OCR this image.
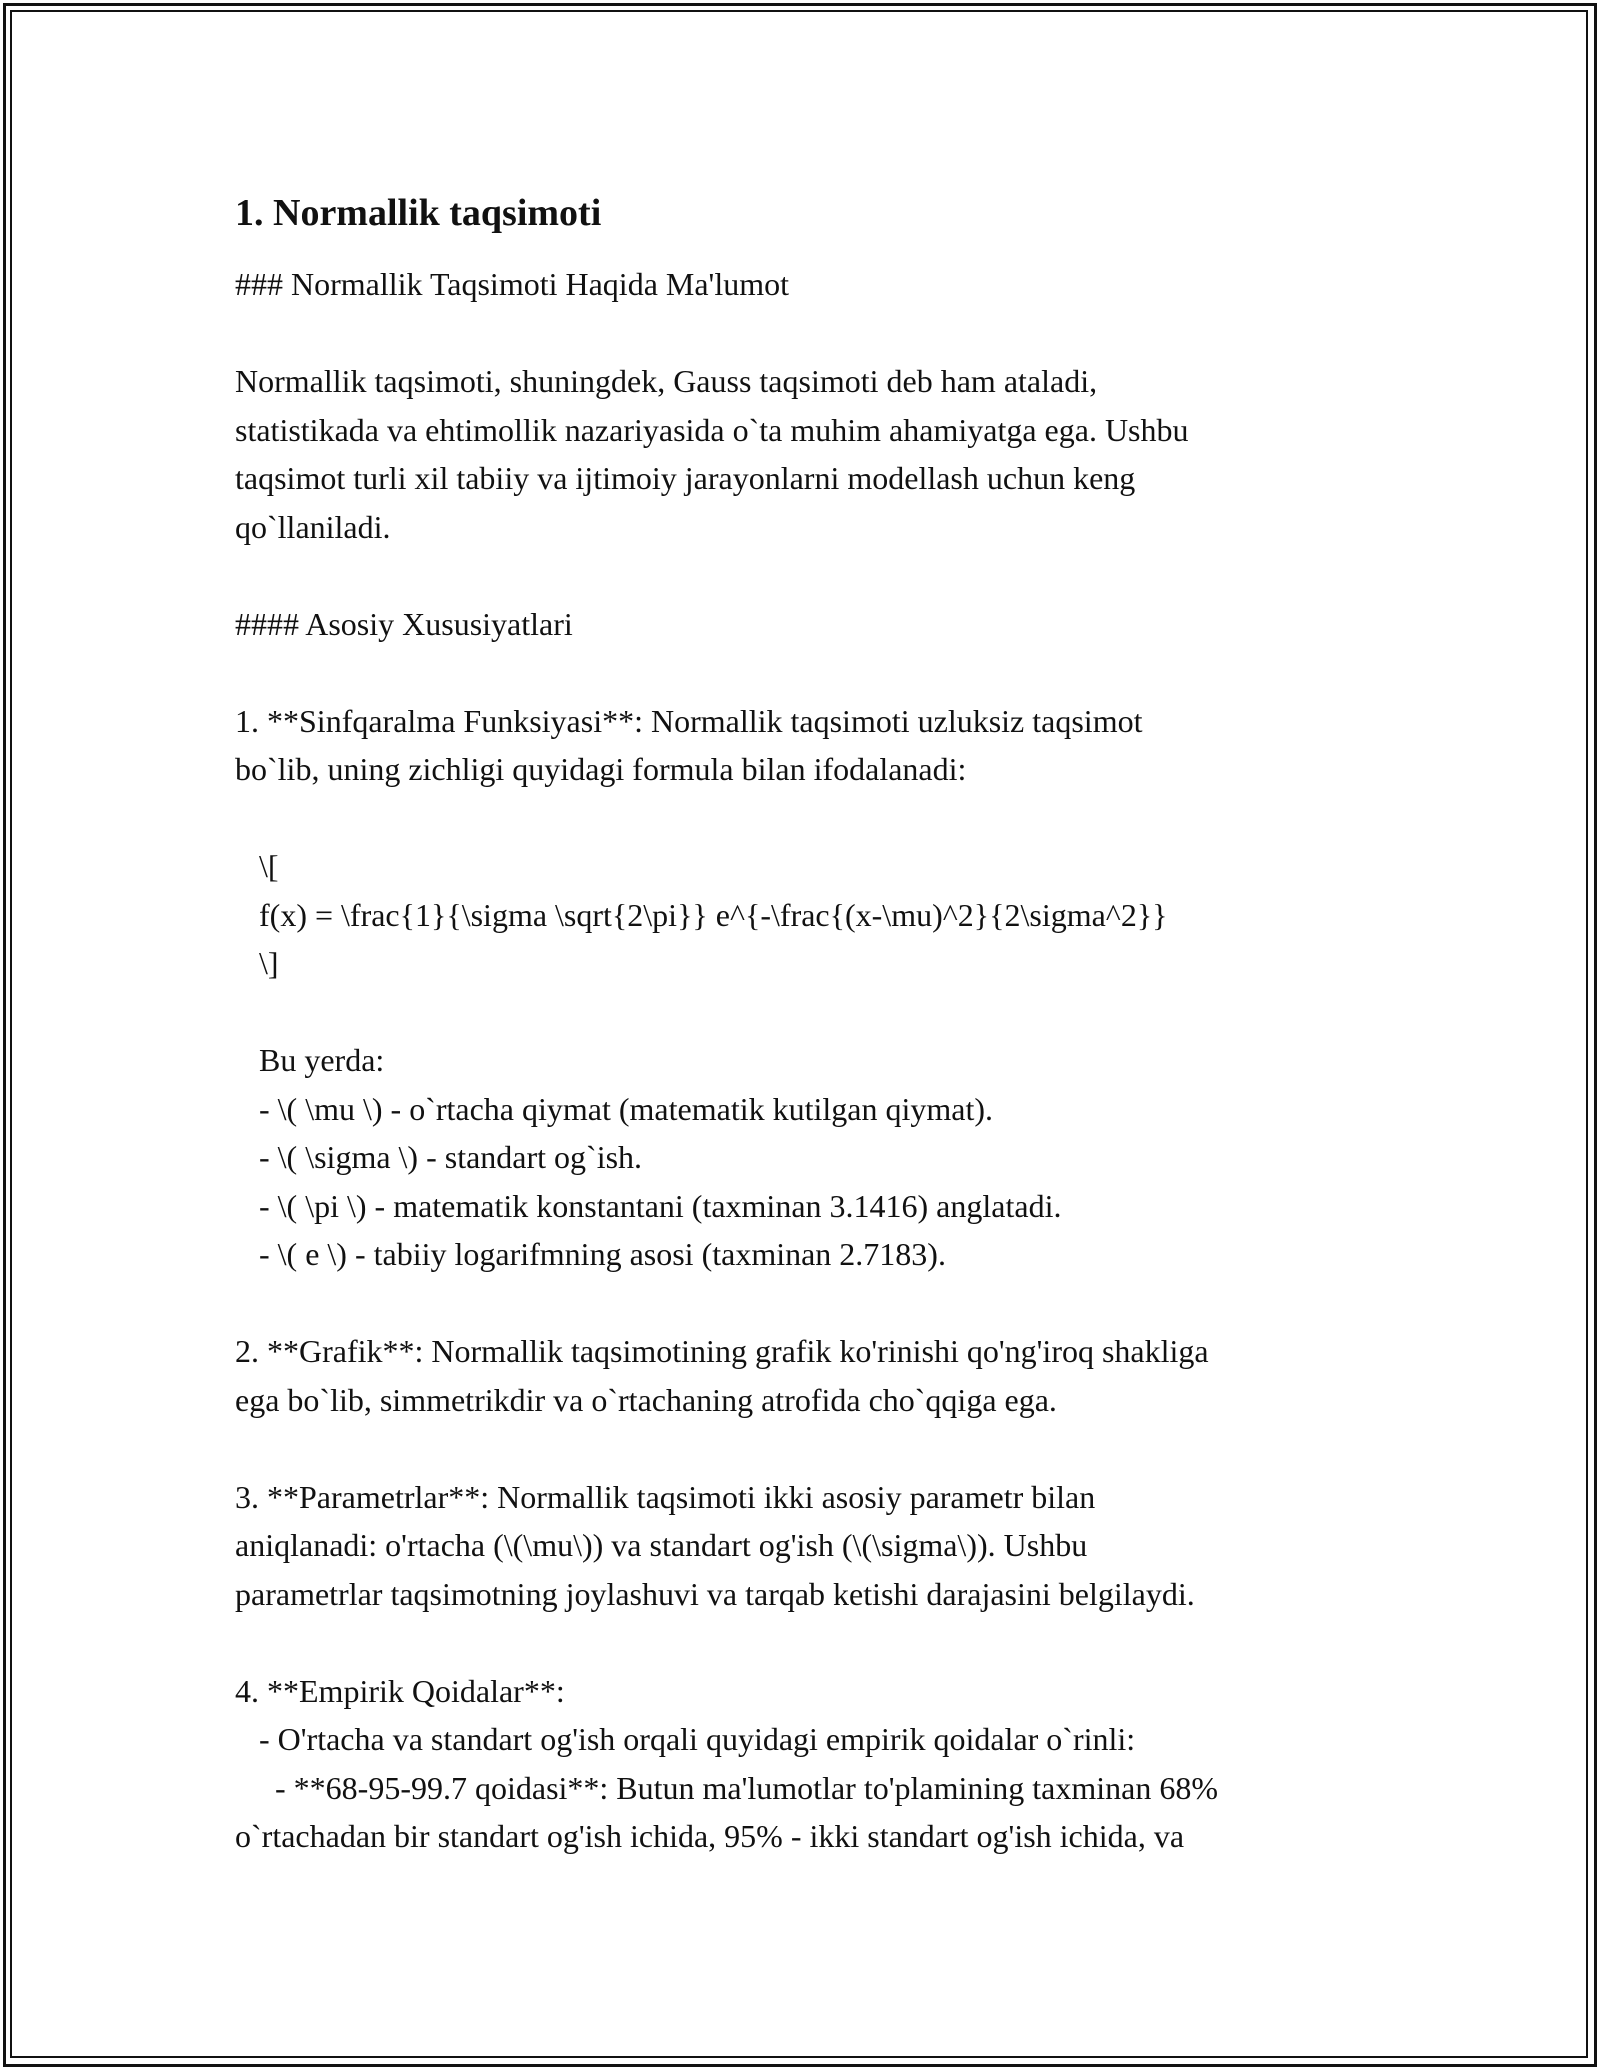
1. Normallik taqsimoti
### Normallik Taqsimoti Haqida Ma'lumot
Normallik taqsimoti, shuningdek, Gauss taqsimoti deb ham ataladi,
statistikada va ehtimollik nazariyasida o`ta muhim ahamiyatga ega. Ushbu
taqsimot turli xil tabiiy va ijtimoiy jarayonlarni modellash uchun keng
qo`llaniladi.
#### Asosiy Xususiyatlari
1. **Sinfqaralma Funksiyasi**: Normallik taqsimoti uzluksiz taqsimot
bo`lib, uning zichligi quyidagi formula bilan ifodalanadi:
\[
f(x) = \frac{1}{\sigma \sqrt{2\pi}} e^{-\frac{(x-\mu)^2}{2\sigma^2}}
\]
Bu yerda:
- \( \mu \) - o`rtacha qiymat (matematik kutilgan qiymat).
- \( \sigma \) - standart og`ish.
- \( \pi \) - matematik konstantani (taxminan 3.1416) anglatadi.
- \( e \) - tabiiy logarifmning asosi (taxminan 2.7183).
2. **Grafik**: Normallik taqsimotining grafik ko'rinishi qo'ng'iroq shakliga
ega bo`lib, simmetrikdir va o`rtachaning atrofida cho`qqiga ega.
3. **Parametrlar**: Normallik taqsimoti ikki asosiy parametr bilan
aniqlanadi: o'rtacha (\(\mu\)) va standart og'ish (\(\sigma\)). Ushbu
parametrlar taqsimotning joylashuvi va tarqab ketishi darajasini belgilaydi.
4. **Empirik Qoidalar**:
- O'rtacha va standart og'ish orqali quyidagi empirik qoidalar o`rinli:
- **68-95-99.7 qoidasi**: Butun ma'lumotlar to'plamining taxminan 68%
o`rtachadan bir standart og'ish ichida, 95% - ikki standart og'ish ichida, va
